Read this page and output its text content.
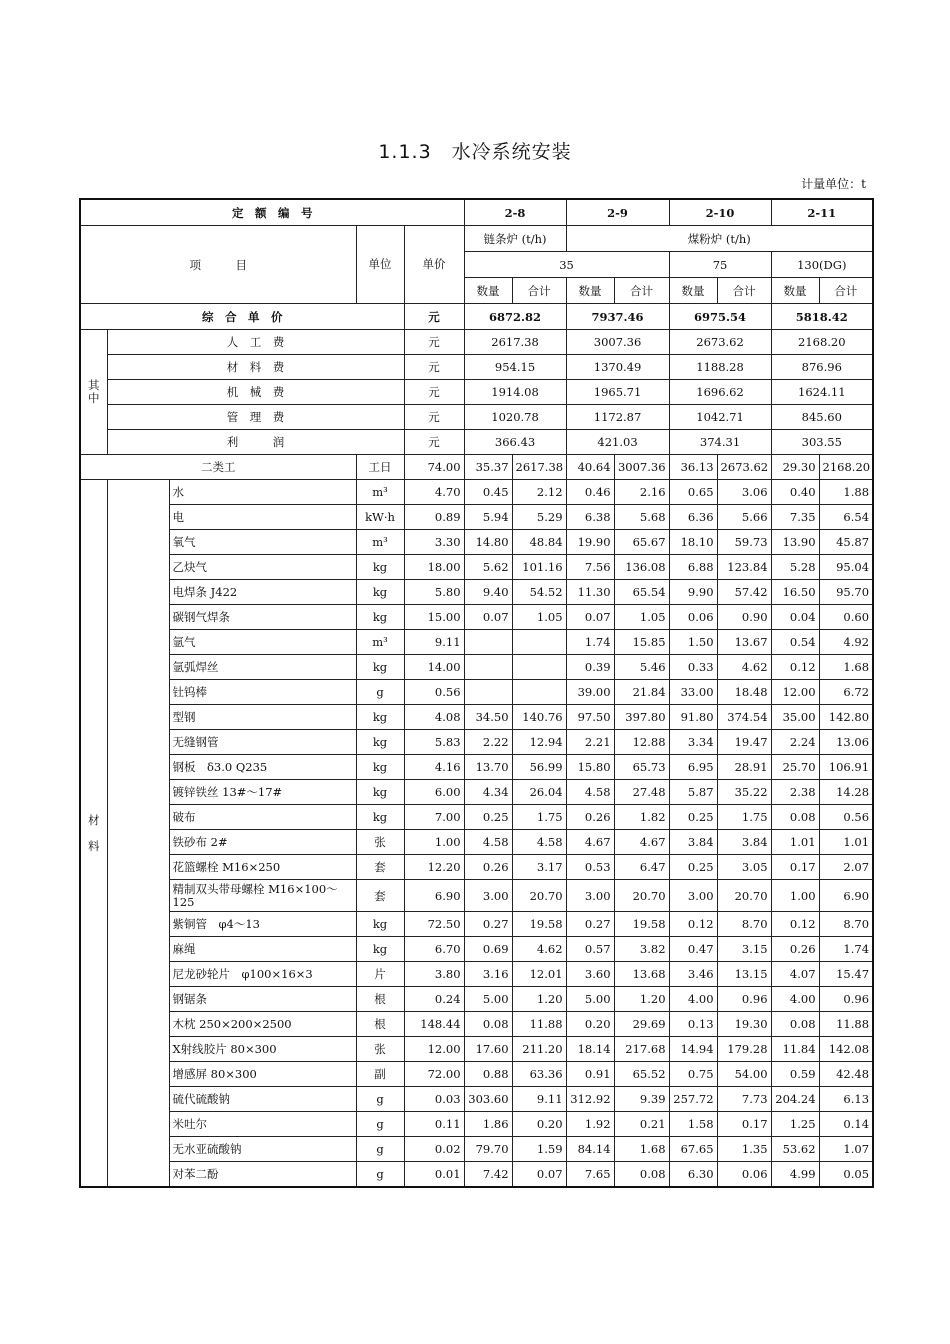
1.1.3　水冷系统安装
计量单位：t
定　额　编　号					2-8		2-9		2-10		2-11	
项　　　目			单位	单价	链条炉 (t/h)		煤粉炉 (t/h)					
					35				75		130(DG)	
					数量	合计	数量	合计	数量	合计	数量	合计
综　合　单　价				元	6872.82		7937.46		6975.54		5818.42	
其中	人　工　费			元	2617.38		3007.36		2673.62		2168.20	
	材　料　费			元	954.15		1370.49		1188.28		876.96	
	机　械　费			元	1914.08		1965.71		1696.62		1624.11	
	管　理　费			元	1020.78		1172.87		1042.71		845.60	
	利　　　润			元	366.43		421.03		374.31		303.55	
二类工			工日	74.00	35.37	2617.38	40.64	3007.36	36.13	2673.62	29.30	2168.20
材料		水	m³	4.70	0.45	2.12	0.46	2.16	0.65	3.06	0.40	1.88
		电	kW·h	0.89	5.94	5.29	6.38	5.68	6.36	5.66	7.35	6.54
		氧气	m³	3.30	14.80	48.84	19.90	65.67	18.10	59.73	13.90	45.87
		乙炔气	kg	18.00	5.62	101.16	7.56	136.08	6.88	123.84	5.28	95.04
		电焊条 J422	kg	5.80	9.40	54.52	11.30	65.54	9.90	57.42	16.50	95.70
		碳钢气焊条	kg	15.00	0.07	1.05	0.07	1.05	0.06	0.90	0.04	0.60
		氩气	m³	9.11			1.74	15.85	1.50	13.67	0.54	4.92
		氩弧焊丝	kg	14.00			0.39	5.46	0.33	4.62	0.12	1.68
		钍钨棒	g	0.56			39.00	21.84	33.00	18.48	12.00	6.72
		型钢	kg	4.08	34.50	140.76	97.50	397.80	91.80	374.54	35.00	142.80
		无缝钢管	kg	5.83	2.22	12.94	2.21	12.88	3.34	19.47	2.24	13.06
		钢板　δ3.0 Q235	kg	4.16	13.70	56.99	15.80	65.73	6.95	28.91	25.70	106.91
		镀锌铁丝 13#～17#	kg	6.00	4.34	26.04	4.58	27.48	5.87	35.22	2.38	14.28
		破布	kg	7.00	0.25	1.75	0.26	1.82	0.25	1.75	0.08	0.56
		铁砂布 2#	张	1.00	4.58	4.58	4.67	4.67	3.84	3.84	1.01	1.01
		花篮螺栓 M16×250	套	12.20	0.26	3.17	0.53	6.47	0.25	3.05	0.17	2.07
		精制双头带母螺栓 M16×100～125	套	6.90	3.00	20.70	3.00	20.70	3.00	20.70	1.00	6.90
		紫铜管　φ4～13	kg	72.50	0.27	19.58	0.27	19.58	0.12	8.70	0.12	8.70
		麻绳	kg	6.70	0.69	4.62	0.57	3.82	0.47	3.15	0.26	1.74
		尼龙砂轮片　φ100×16×3	片	3.80	3.16	12.01	3.60	13.68	3.46	13.15	4.07	15.47
		钢锯条	根	0.24	5.00	1.20	5.00	1.20	4.00	0.96	4.00	0.96
		木枕 250×200×2500	根	148.44	0.08	11.88	0.20	29.69	0.13	19.30	0.08	11.88
		X射线胶片 80×300	张	12.00	17.60	211.20	18.14	217.68	14.94	179.28	11.84	142.08
		增感屏 80×300	副	72.00	0.88	63.36	0.91	65.52	0.75	54.00	0.59	42.48
		硫代硫酸钠	g	0.03	303.60	9.11	312.92	9.39	257.72	7.73	204.24	6.13
		米吐尔	g	0.11	1.86	0.20	1.92	0.21	1.58	0.17	1.25	0.14
		无水亚硫酸钠	g	0.02	79.70	1.59	84.14	1.68	67.65	1.35	53.62	1.07
		对苯二酚	g	0.01	7.42	0.07	7.65	0.08	6.30	0.06	4.99	0.05
